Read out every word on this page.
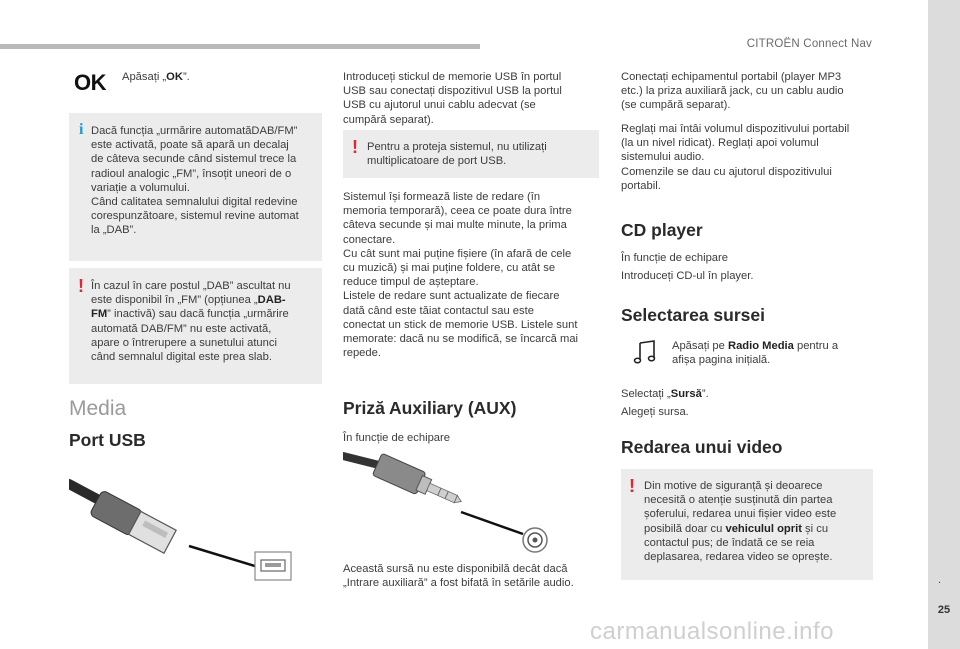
CITROËN Connect Nav
.
25
OK Apăsați „OK”.
i Dacă funcția „urmărire automatăDAB/FM”
este activată, poate să apară un decalaj
de câteva secunde când sistemul trece la
radioul analogic „FM”, însoțit uneori de o
variație a volumului.
Când calitatea semnalului digital redevine
corespunzătoare, sistemul revine automat
la „DAB”.
! În cazul în care postul „DAB” ascultat nu
este disponibil în „FM” (opțiunea „DAB-
FM” inactivă) sau dacă funcția „urmărire
automată DAB/FM” nu este activată,
apare o întrerupere a sunetului atunci
când semnalul digital este prea slab.
Media
Port USB
Introduceți stickul de memorie USB în portul
USB sau conectați dispozitivul USB la portul
USB cu ajutorul unui cablu adecvat (se
cumpără separat).
! Pentru a proteja sistemul, nu utilizați
multiplicatoare de port USB.
Sistemul își formează liste de redare (în
memoria temporară), ceea ce poate dura între
câteva secunde și mai multe minute, la prima
conectare.
Cu cât sunt mai puține fișiere (în afară de cele
cu muzică) și mai puține foldere, cu atât se
reduce timpul de așteptare.
Listele de redare sunt actualizate de fiecare
dată când este tăiat contactul sau este
conectat un stick de memorie USB. Listele sunt
memorate: dacă nu se modifică, se încarcă mai
repede.
Priză Auxiliary (AUX)
În funcție de echipare
Această sursă nu este disponibilă decât dacă
„Intrare auxiliară” a fost bifată în setările audio.
Conectați echipamentul portabil (player MP3
etc.) la priza auxiliară jack, cu un cablu audio
(se cumpără separat).
Reglați mai întâi volumul dispozitivului portabil
(la un nivel ridicat). Reglați apoi volumul
sistemului audio.
Comenzile se dau cu ajutorul dispozitivului
portabil.
CD player
În funcție de echipare
Introduceți CD-ul în player.
Selectarea sursei
Apăsați pe Radio Media pentru a
afișa pagina inițială.
Selectați „Sursă”.
Alegeți sursa.
Redarea unui video
! Din motive de siguranță și deoarece
necesită o atenție susținută din partea
șoferului, redarea unui fișier video este
posibilă doar cu vehiculul oprit și cu
contactul pus; de îndată ce se reia
deplasarea, redarea video se oprește.
carmanualsonline.info
